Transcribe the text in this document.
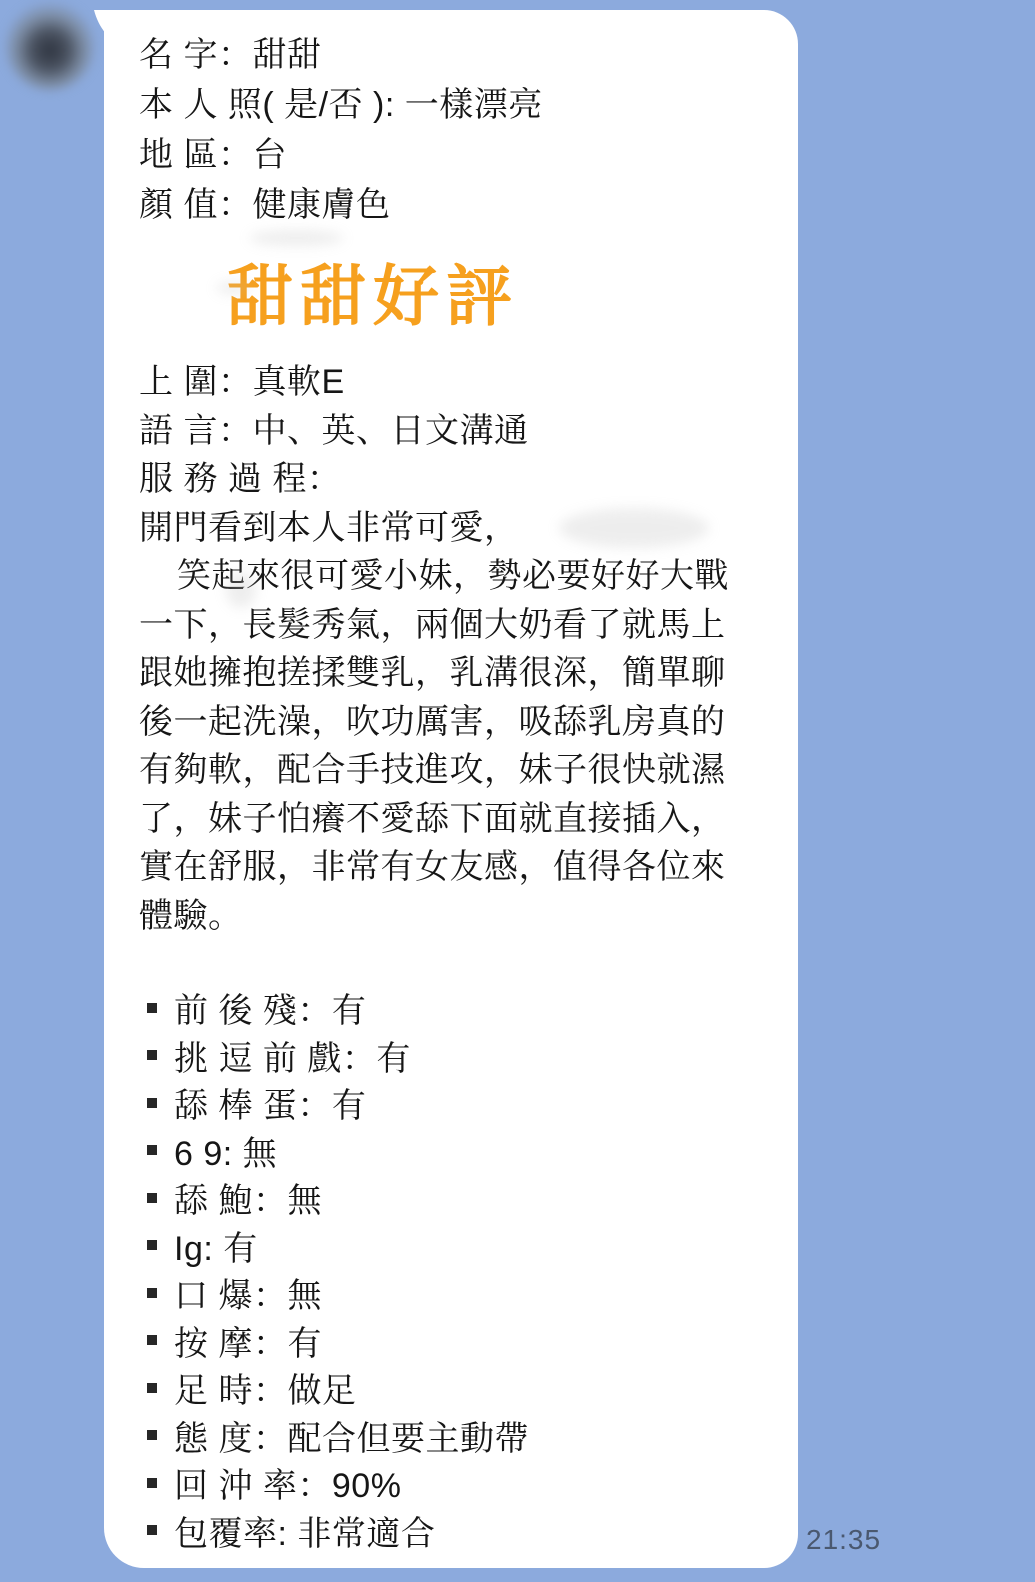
名 字：甜甜
本 人 照( 是/否 ): 一樣漂亮
地 區：台
顏 值：健康膚色
甜甜好評
上 圍：真軟E
語 言：中、英、日文溝通
服 務 過 程：
開門看到本人非常可愛，
笑起來很可愛小妹，勢必要好好大戰
一下，長髮秀氣，兩個大奶看了就馬上
跟她擁抱搓揉雙乳，乳溝很深，簡單聊
後一起洗澡，吹功厲害，吸舔乳房真的
有夠軟，配合手技進攻，妹子很快就濕
了，妹子怕癢不愛舔下面就直接插入，
實在舒服，非常有女友感，值得各位來
體驗。
前 後 殘：有
挑 逗 前 戲：有
舔 棒 蛋：有
6 9: 無
舔 鮑：無
Ig: 有
口 爆：無
按 摩：有
足 時：做足
態 度：配合但要主動帶
回 沖 率：90%
包覆率: 非常適合	21:35
